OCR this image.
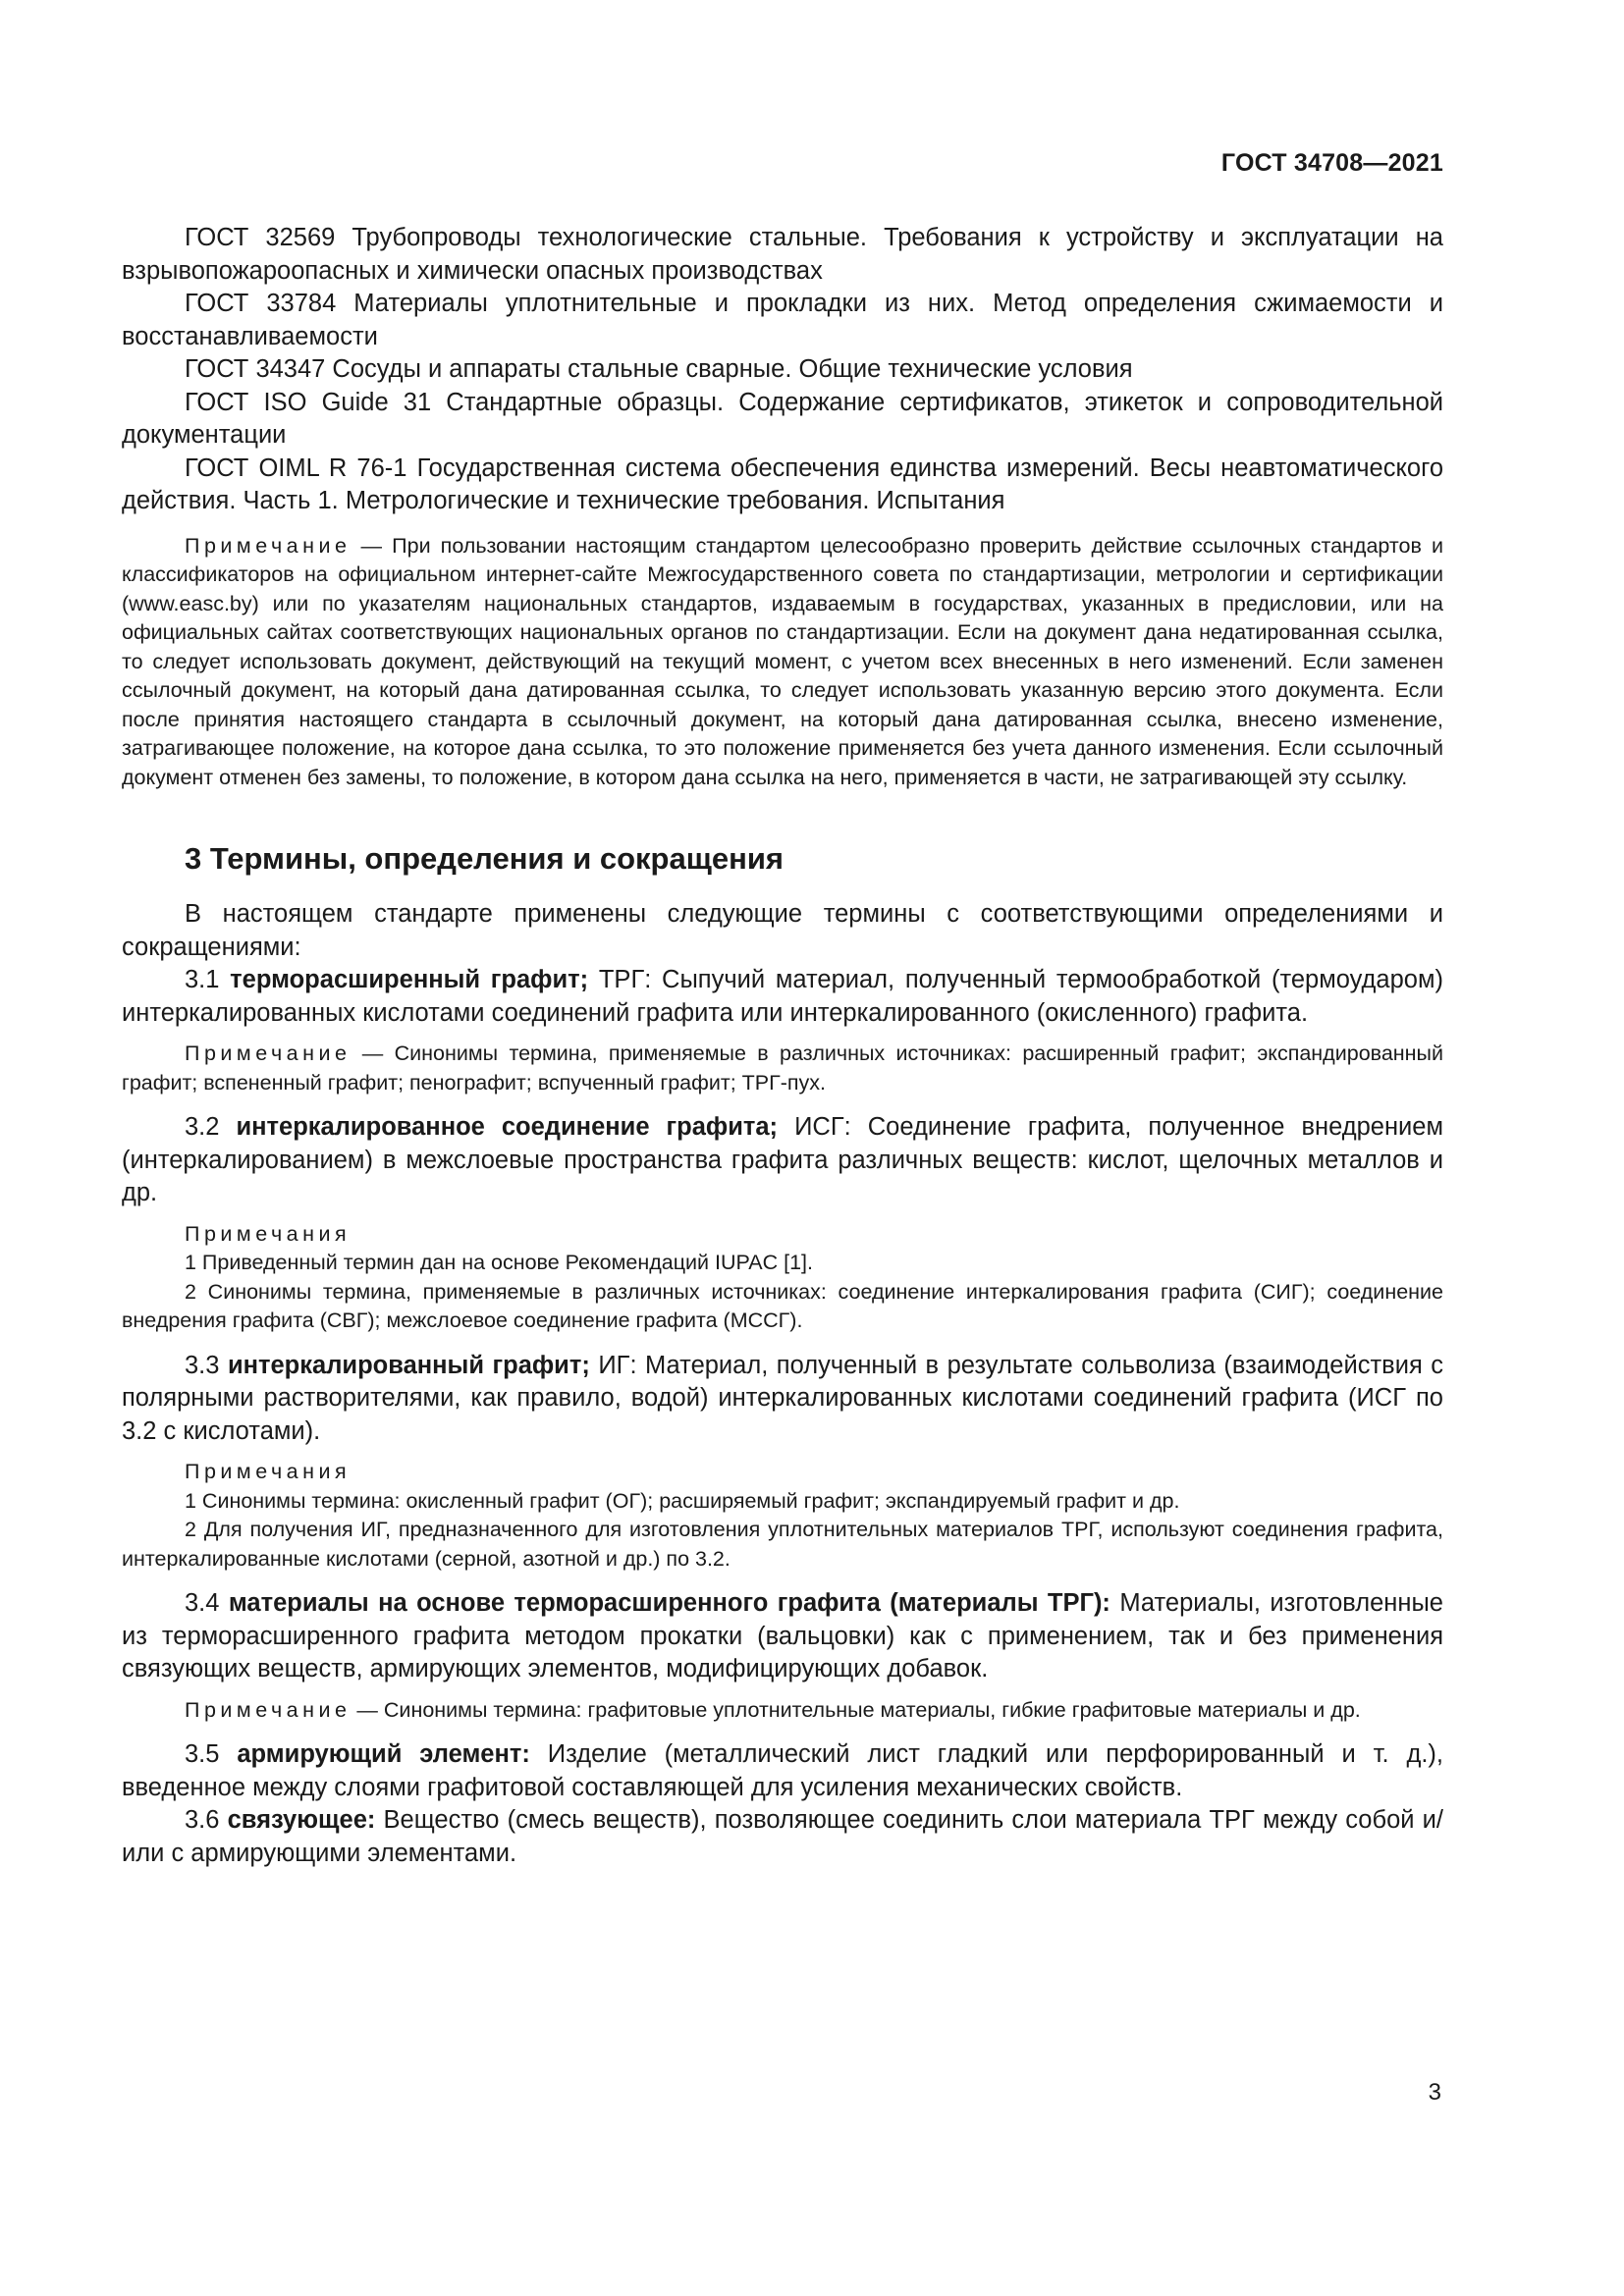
ГОСТ 34708—2021

ГОСТ 32569 Трубопроводы технологические стальные. Требования к устройству и эксплуатации на взрывопожароопасных и химически опасных производствах

ГОСТ 33784 Материалы уплотнительные и прокладки из них. Метод определения сжимаемости и восстанавливаемости

ГОСТ 34347 Сосуды и аппараты стальные сварные. Общие технические условия

ГОСТ ISO Guide 31 Стандартные образцы. Содержание сертификатов, этикеток и сопроводительной документации

ГОСТ OIML R 76-1 Государственная система обеспечения единства измерений. Весы неавтоматического действия. Часть 1. Метрологические и технические требования. Испытания

Примечание — При пользовании настоящим стандартом целесообразно проверить действие ссылочных стандартов и классификаторов на официальном интернет-сайте Межгосударственного совета по стандартизации, метрологии и сертификации (www.easc.by) или по указателям национальных стандартов, издаваемым в государствах, указанных в предисловии, или на официальных сайтах соответствующих национальных органов по стандартизации. Если на документ дана недатированная ссылка, то следует использовать документ, действующий на текущий момент, с учетом всех внесенных в него изменений. Если заменен ссылочный документ, на который дана датированная ссылка, то следует использовать указанную версию этого документа. Если после принятия настоящего стандарта в ссылочный документ, на который дана датированная ссылка, внесено изменение, затрагивающее положение, на которое дана ссылка, то это положение применяется без учета данного изменения. Если ссылочный документ отменен без замены, то положение, в котором дана ссылка на него, применяется в части, не затрагивающей эту ссылку.

3 Термины, определения и сокращения

В настоящем стандарте применены следующие термины с соответствующими определениями и сокращениями:

3.1 терморасширенный графит; ТРГ: Сыпучий материал, полученный термообработкой (термоударом) интеркалированных кислотами соединений графита или интеркалированного (окисленного) графита.

Примечание — Синонимы термина, применяемые в различных источниках: расширенный графит; экспандированный графит; вспененный графит; пенографит; вспученный графит; ТРГ-пух.

3.2 интеркалированное соединение графита; ИСГ: Соединение графита, полученное внедрением (интеркалированием) в межслоевые пространства графита различных веществ: кислот, щелочных металлов и др.

Примечания

1 Приведенный термин дан на основе Рекомендаций IUPAC [1].

2 Синонимы термина, применяемые в различных источниках: соединение интеркалирования графита (СИГ); соединение внедрения графита (СВГ); межслоевое соединение графита (МССГ).

3.3 интеркалированный графит; ИГ: Материал, полученный в результате сольволиза (взаимодействия с полярными растворителями, как правило, водой) интеркалированных кислотами соединений графита (ИСГ по 3.2 с кислотами).

Примечания

1 Синонимы термина: окисленный графит (ОГ); расширяемый графит; экспандируемый графит и др.

2 Для получения ИГ, предназначенного для изготовления уплотнительных материалов ТРГ, используют соединения графита, интеркалированные кислотами (серной, азотной и др.) по 3.2.

3.4 материалы на основе терморасширенного графита (материалы ТРГ): Материалы, изготовленные из терморасширенного графита методом прокатки (вальцовки) как с применением, так и без применения связующих веществ, армирующих элементов, модифицирующих добавок.

Примечание — Синонимы термина: графитовые уплотнительные материалы, гибкие графитовые материалы и др.

3.5 армирующий элемент: Изделие (металлический лист гладкий или перфорированный и т. д.), введенное между слоями графитовой составляющей для усиления механических свойств.

3.6 связующее: Вещество (смесь веществ), позволяющее соединить слои материала ТРГ между собой и/или с армирующими элементами.

3
